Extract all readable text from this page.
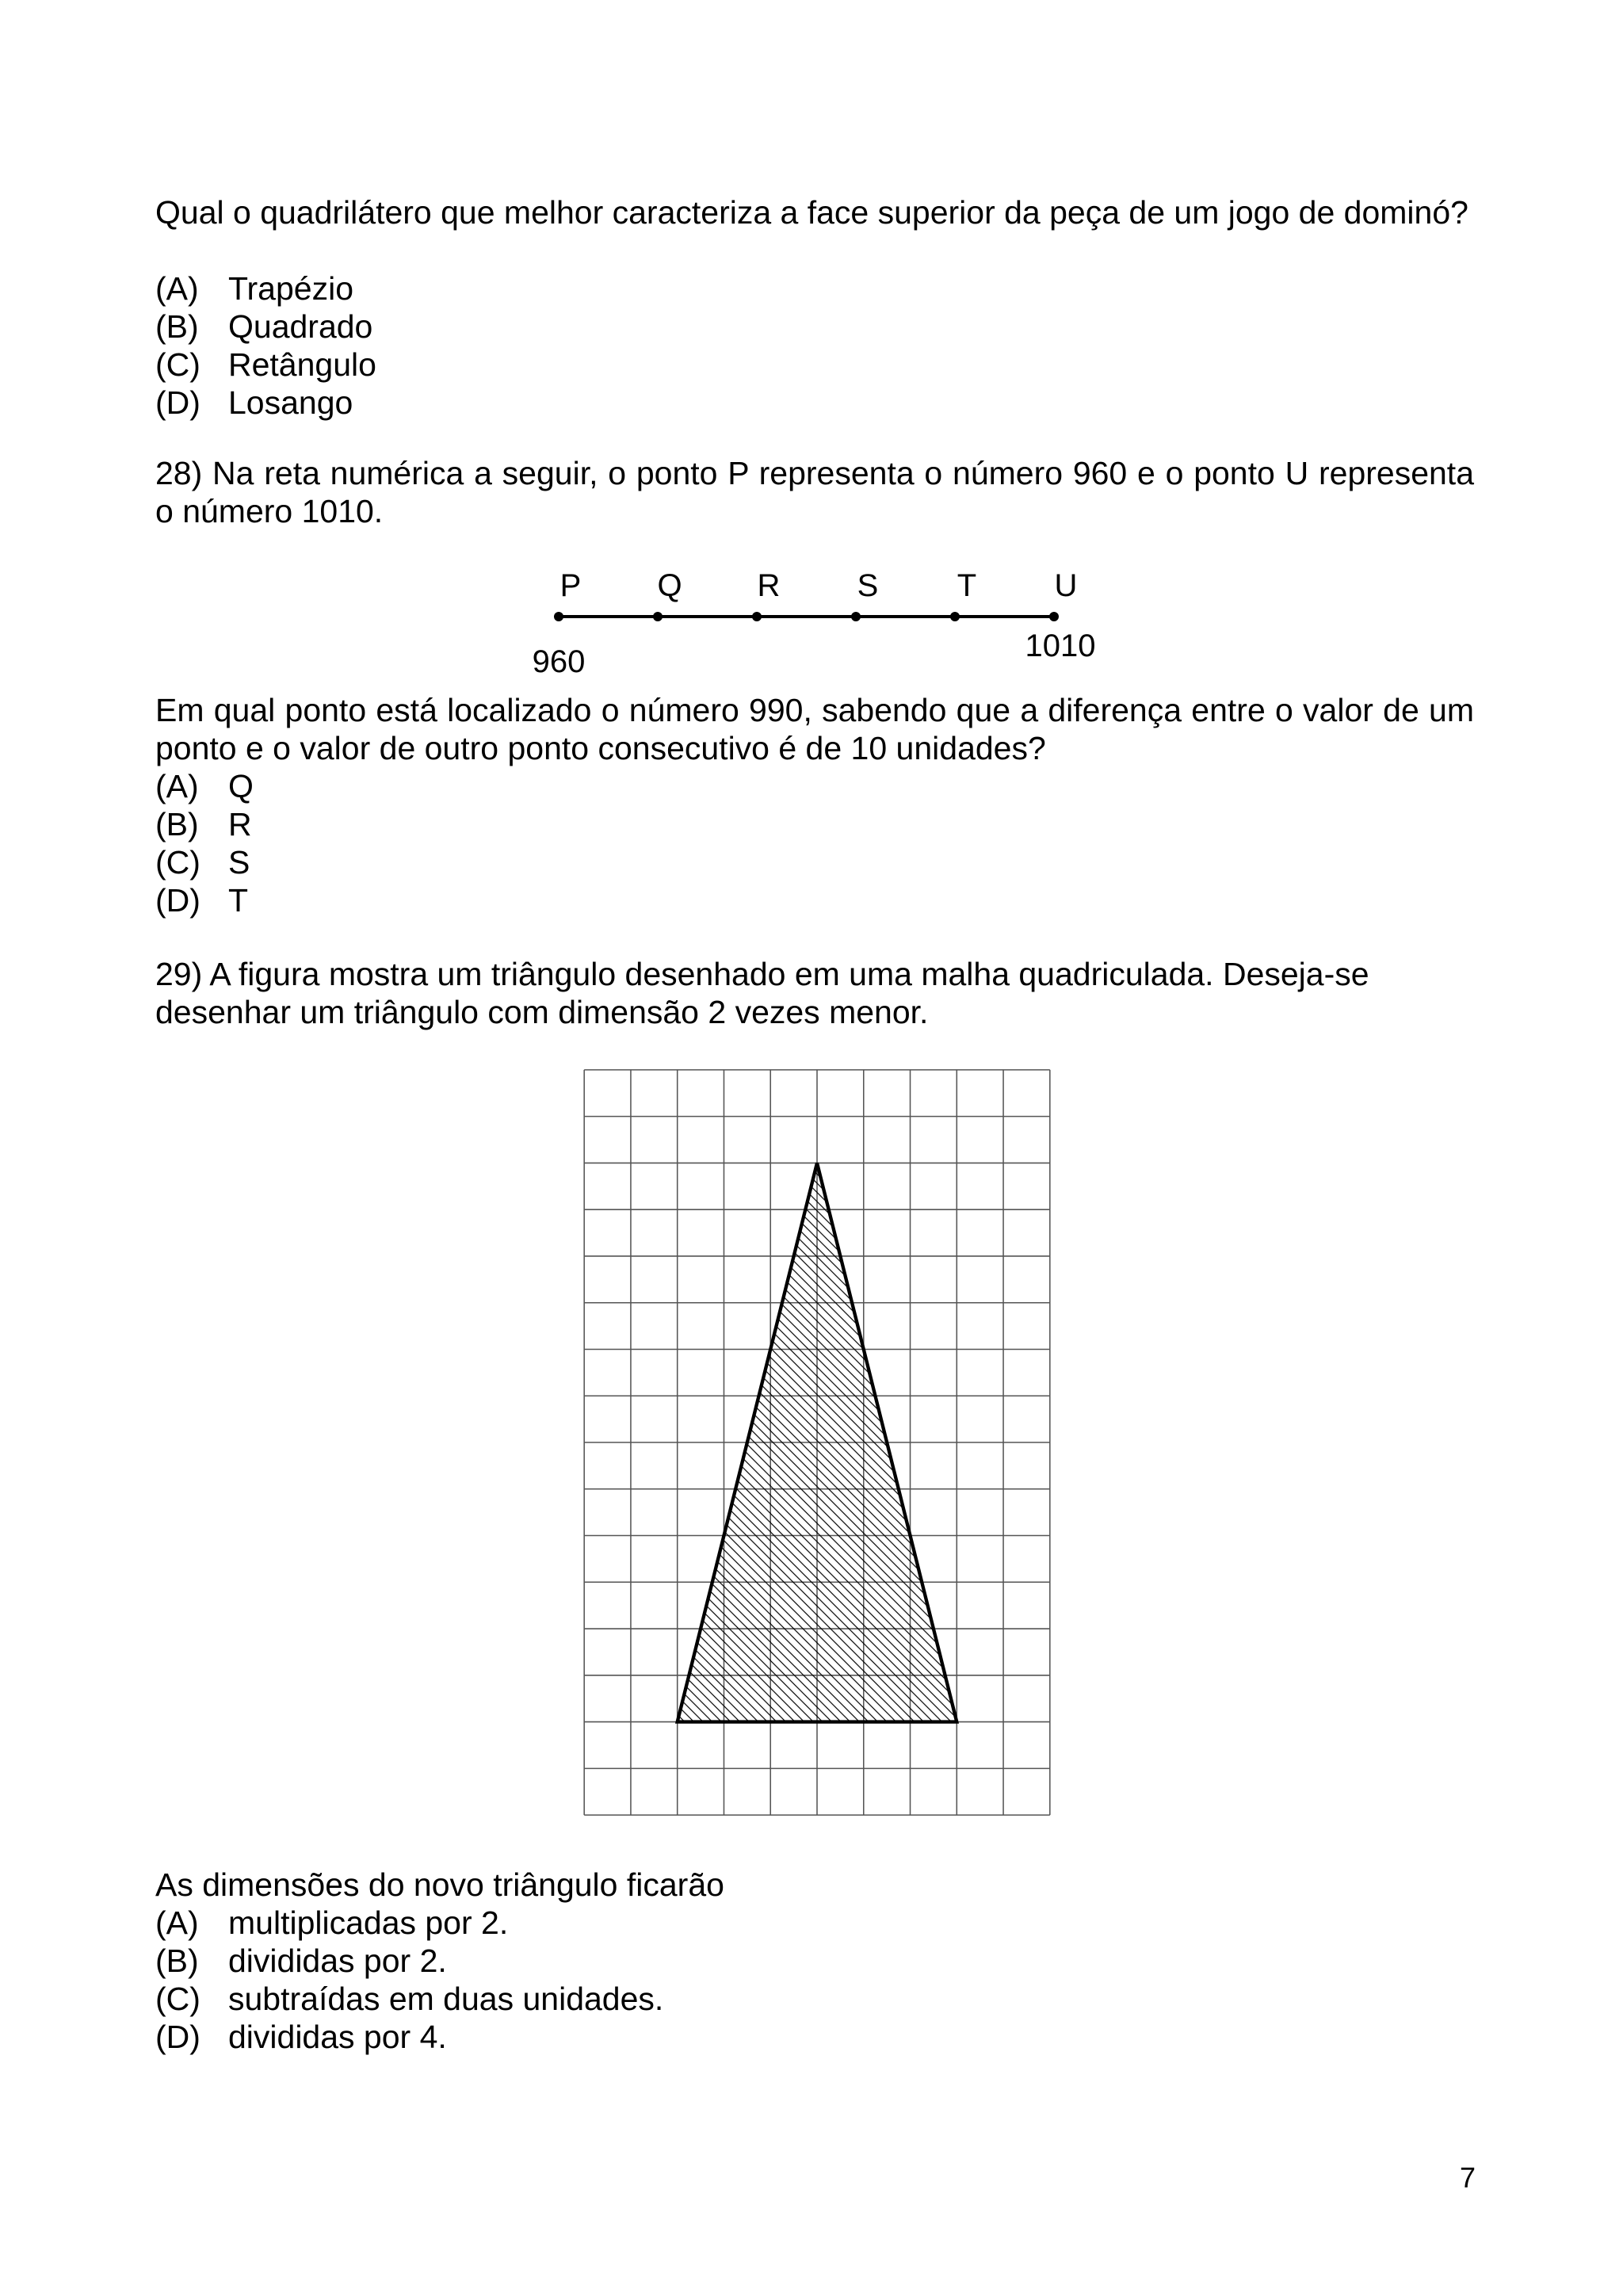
Qual o quadrilátero que melhor caracteriza a face superior da peça de um jogo de dominó?

(A) Trapézio
(B) Quadrado
(C) Retângulo
(D) Losango

28) Na reta numérica a seguir, o ponto P representa o número 960 e o ponto U representa o número 1010.

P Q R S T U
960	1010

Em qual ponto está localizado o número 990, sabendo que a diferença entre o valor de um ponto e o valor de outro ponto consecutivo é de 10 unidades?

(A) Q
(B) R
(C) S
(D) T

29) A figura mostra um triângulo desenhado em uma malha quadriculada. Deseja-se desenhar um triângulo com dimensão 2 vezes menor.

As dimensões do novo triângulo ficarão

(A) multiplicadas por 2.
(B) divididas por 2.
(C) subtraídas em duas unidades.
(D) divididas por 4.
7
